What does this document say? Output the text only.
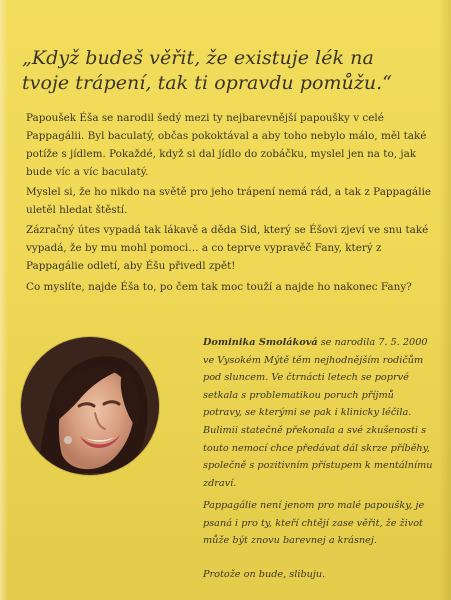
„Když budeš věřit, že existuje lék na tvoje trápení, tak ti opravdu pomůžu.“

Papoušek Éša se narodil šedý mezi ty nejbarevnější papoušky v celé Pappagálii. Byl baculatý, občas pokoktával a aby toho nebylo málo, měl také potíže s jídlem. Pokaždé, když si dal jídlo do zobáčku, myslel jen na to, jak bude víc a víc baculatý.

Myslel si, že ho nikdo na světě pro jeho trápení nemá rád, a tak z Pappagálie uletěl hledat štěstí.

Zázračný útes vypadá tak lákavě a děda Sid, který se Éšovi zjeví ve snu také vypadá, že by mu mohl pomoci… a co teprve vypravěč Fany, který z Pappagálie odletí, aby Éšu přivedl zpět!

Co myslíte, najde Éša to, po čem tak moc touží a najde ho nakonec Fany?

Dominika Smoláková se narodila 7. 5. 2000 ve Vysokém Mýtě těm nejhodnějším rodičům pod sluncem. Ve čtrnácti letech se poprvé setkala s problematikou poruch příjmů potravy, se kterými se pak i klinicky léčila. Bulimii statečně překonala a své zkušenosti s touto nemocí chce předávat dál skrze příběhy, společně s pozitivním přístupem k mentálnímu zdraví.

Pappagálie není jenom pro malé papoušky, je psaná i pro ty, kteří chtějí zase věřit, že život může být znovu barevnej a krásnej.

Protože on bude, slibuju.
